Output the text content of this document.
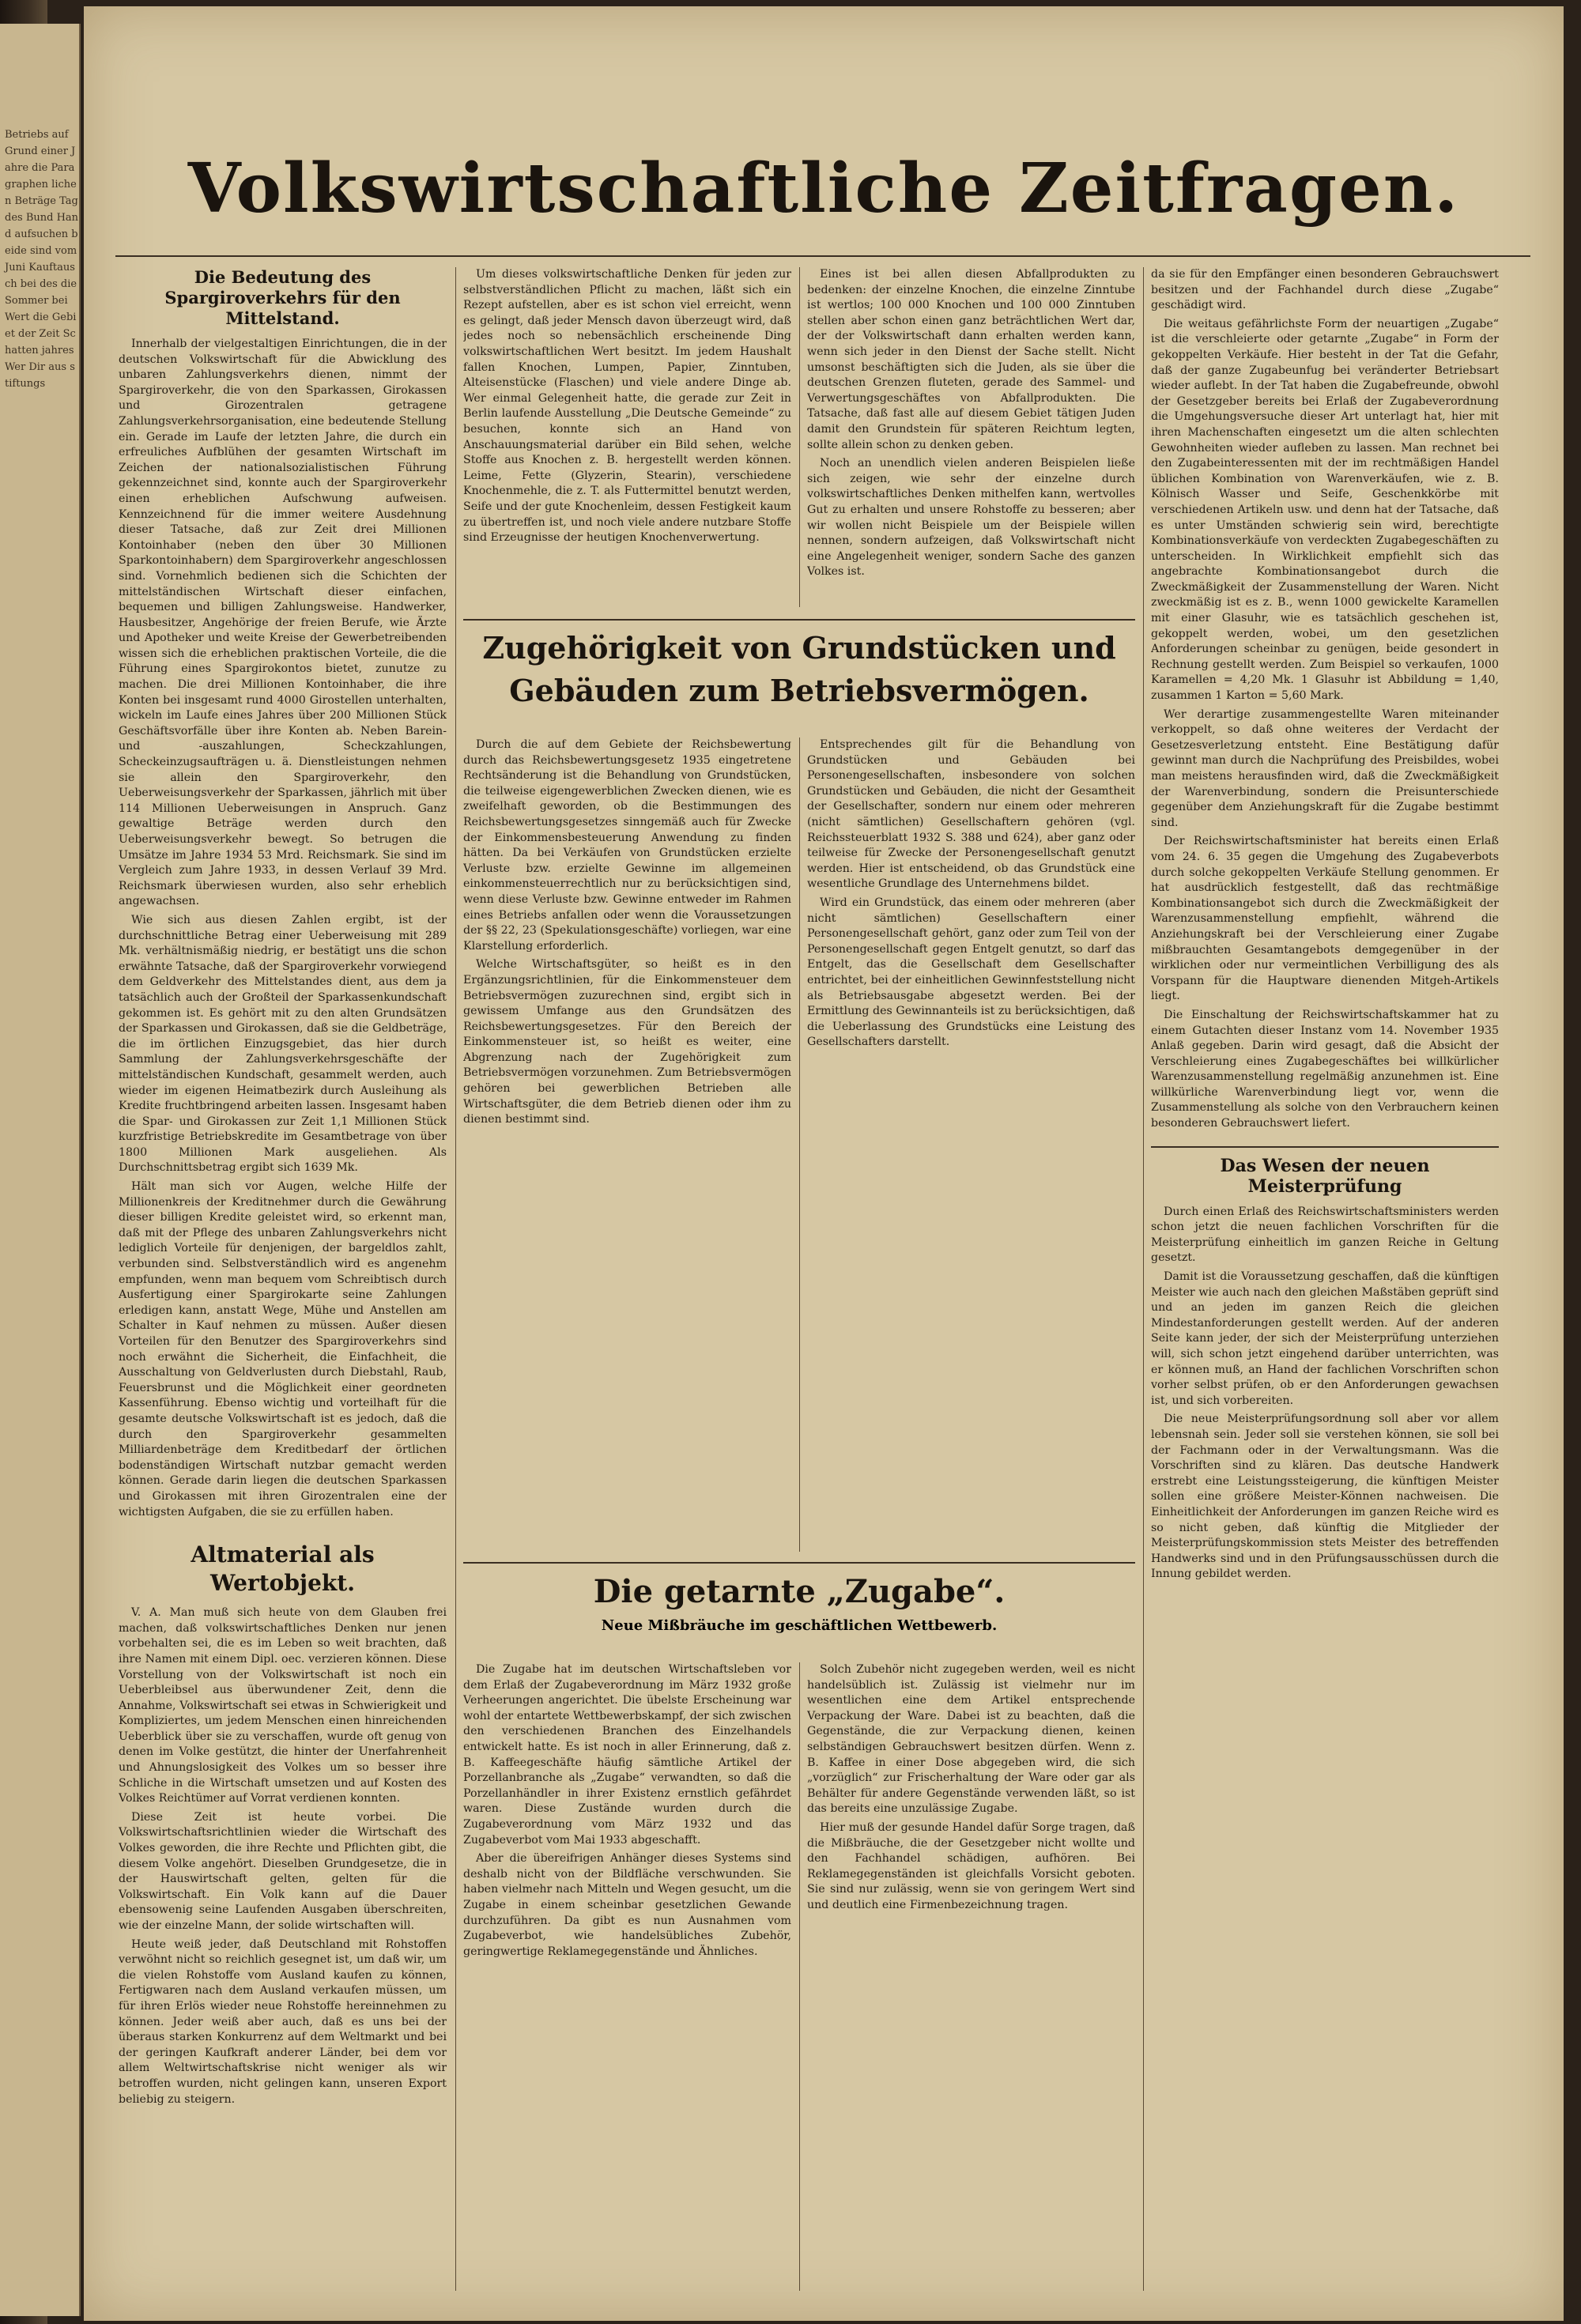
Betriebs auf Grund einer Jahre die Paragraphen lichen Beträge Tag des Bund Hand aufsuchen beide sind vom Juni Kauftausch bei des die Sommer bei Wert die Gebiet der Zeit Schatten jahres Wer Dir aus stiftungs
Volkswirtschaftliche Zeitfragen.
Die Bedeutung des Spargiroverkehrs für den Mittelstand.

Innerhalb der vielgestaltigen Einrichtungen, die in der deutschen Volkswirtschaft für die Abwicklung des unbaren Zahlungsverkehrs dienen, nimmt der Spargiroverkehr, die von den Sparkassen, Girokassen und Girozentralen getragene Zahlungsverkehrsorganisation, eine bedeutende Stellung ein. Gerade im Laufe der letzten Jahre, die durch ein erfreuliches Aufblühen der gesamten Wirtschaft im Zeichen der nationalsozialistischen Führung gekennzeichnet sind, konnte auch der Spargiroverkehr einen erheblichen Aufschwung aufweisen. Kennzeichnend für die immer weitere Ausdehnung dieser Tatsache, daß zur Zeit drei Millionen Kontoinhaber (neben den über 30 Millionen Sparkontoinhabern) dem Spargiroverkehr angeschlossen sind. Vornehmlich bedienen sich die Schichten der mittelständischen Wirtschaft dieser einfachen, bequemen und billigen Zahlungsweise. Handwerker, Hausbesitzer, Angehörige der freien Berufe, wie Ärzte und Apotheker und weite Kreise der Gewerbetreibenden wissen sich die erheblichen praktischen Vorteile, die die Führung eines Spargirokontos bietet, zunutze zu machen. Die drei Millionen Kontoinhaber, die ihre Konten bei insgesamt rund 4000 Girostellen unterhalten, wickeln im Laufe eines Jahres über 200 Millionen Stück Geschäftsvorfälle über ihre Konten ab. Neben Barein- und -auszahlungen, Scheckzahlungen, Scheckeinzugsaufträgen u. ä. Dienstleistungen nehmen sie allein den Spargiroverkehr, den Ueberweisungsverkehr der Sparkassen, jährlich mit über 114 Millionen Ueberweisungen in Anspruch. Ganz gewaltige Beträge werden durch den Ueberweisungsverkehr bewegt. So betrugen die Umsätze im Jahre 1934 53 Mrd. Reichsmark. Sie sind im Vergleich zum Jahre 1933, in dessen Verlauf 39 Mrd. Reichsmark überwiesen wurden, also sehr erheblich angewachsen.

Wie sich aus diesen Zahlen ergibt, ist der durchschnittliche Betrag einer Ueberweisung mit 289 Mk. verhältnismäßig niedrig, er bestätigt uns die schon erwähnte Tatsache, daß der Spargiroverkehr vorwiegend dem Geldverkehr des Mittelstandes dient, aus dem ja tatsächlich auch der Großteil der Sparkassenkundschaft gekommen ist. Es gehört mit zu den alten Grundsätzen der Sparkassen und Girokassen, daß sie die Geldbeträge, die im örtlichen Einzugsgebiet, das hier durch Sammlung der Zahlungsverkehrsgeschäfte der mittelständischen Kundschaft, gesammelt werden, auch wieder im eigenen Heimatbezirk durch Ausleihung als Kredite fruchtbringend arbeiten lassen. Insgesamt haben die Spar- und Girokassen zur Zeit 1,1 Millionen Stück kurzfristige Betriebskredite im Gesamtbetrage von über 1800 Millionen Mark ausgeliehen. Als Durchschnittsbetrag ergibt sich 1639 Mk.

Hält man sich vor Augen, welche Hilfe der Millionenkreis der Kreditnehmer durch die Gewährung dieser billigen Kredite geleistet wird, so erkennt man, daß mit der Pflege des unbaren Zahlungsverkehrs nicht lediglich Vorteile für denjenigen, der bargeldlos zahlt, verbunden sind. Selbstverständlich wird es angenehm empfunden, wenn man bequem vom Schreibtisch durch Ausfertigung einer Spargirokarte seine Zahlungen erledigen kann, anstatt Wege, Mühe und Anstellen am Schalter in Kauf nehmen zu müssen. Außer diesen Vorteilen für den Benutzer des Spargiroverkehrs sind noch erwähnt die Sicherheit, die Einfachheit, die Ausschaltung von Geldverlusten durch Diebstahl, Raub, Feuersbrunst und die Möglichkeit einer geordneten Kassenführung. Ebenso wichtig und vorteilhaft für die gesamte deutsche Volkswirtschaft ist es jedoch, daß die durch den Spargiroverkehr gesammelten Milliardenbeträge dem Kreditbedarf der örtlichen bodenständigen Wirtschaft nutzbar gemacht werden können. Gerade darin liegen die deutschen Sparkassen und Girokassen mit ihren Girozentralen eine der wichtigsten Aufgaben, die sie zu erfüllen haben.

Altmaterial als Wertobjekt.

V. A. Man muß sich heute von dem Glauben frei machen, daß volkswirtschaftliches Denken nur jenen vorbehalten sei, die es im Leben so weit brachten, daß ihre Namen mit einem Dipl. oec. verzieren können. Diese Vorstellung von der Volkswirtschaft ist noch ein Ueberbleibsel aus überwundener Zeit, denn die Annahme, Volkswirtschaft sei etwas in Schwierigkeit und Kompliziertes, um jedem Menschen einen hinreichenden Ueberblick über sie zu verschaffen, wurde oft genug von denen im Volke gestützt, die hinter der Unerfahrenheit und Ahnungslosigkeit des Volkes um so besser ihre Schliche in die Wirtschaft umsetzen und auf Kosten des Volkes Reichtümer auf Vorrat verdienen konnten.

Diese Zeit ist heute vorbei. Die Volkswirtschaftsrichtlinien wieder die Wirtschaft des Volkes geworden, die ihre Rechte und Pflichten gibt, die diesem Volke angehört. Dieselben Grundgesetze, die in der Hauswirtschaft gelten, gelten für die Volkswirtschaft. Ein Volk kann auf die Dauer ebensowenig seine Laufenden Ausgaben überschreiten, wie der einzelne Mann, der solide wirtschaften will.

Heute weiß jeder, daß Deutschland mit Rohstoffen verwöhnt nicht so reichlich gesegnet ist, um daß wir, um die vielen Rohstoffe vom Ausland kaufen zu können, Fertigwaren nach dem Ausland verkaufen müssen, um für ihren Erlös wieder neue Rohstoffe hereinnehmen zu können. Jeder weiß aber auch, daß es uns bei der überaus starken Konkurrenz auf dem Weltmarkt und bei der geringen Kaufkraft anderer Länder, bei dem vor allem Weltwirtschaftskrise nicht weniger als wir betroffen wurden, nicht gelingen kann, unseren Export beliebig zu steigern.

Um dieses volkswirtschaftliche Denken für jeden zur selbstverständlichen Pflicht zu machen, läßt sich ein Rezept aufstellen, aber es ist schon viel erreicht, wenn es gelingt, daß jeder Mensch davon überzeugt wird, daß jedes noch so nebensächlich erscheinende Ding volkswirtschaftlichen Wert besitzt. Im jedem Haushalt fallen Knochen, Lumpen, Papier, Zinntuben, Alteisenstücke (Flaschen) und viele andere Dinge ab. Wer einmal Gelegenheit hatte, die gerade zur Zeit in Berlin laufende Ausstellung „Die Deutsche Gemeinde“ zu besuchen, konnte sich an Hand von Anschauungsmaterial darüber ein Bild sehen, welche Stoffe aus Knochen z. B. hergestellt werden können. Leime, Fette (Glyzerin, Stearin), verschiedene Knochenmehle, die z. T. als Futtermittel benutzt werden, Seife und der gute Knochenleim, dessen Festigkeit kaum zu übertreffen ist, und noch viele andere nutzbare Stoffe sind Erzeugnisse der heutigen Knochenverwertung.

Eines ist bei allen diesen Abfallprodukten zu bedenken: der einzelne Knochen, die einzelne Zinntube ist wertlos; 100 000 Knochen und 100 000 Zinntuben stellen aber schon einen ganz beträchtlichen Wert dar, der der Volkswirtschaft dann erhalten werden kann, wenn sich jeder in den Dienst der Sache stellt. Nicht umsonst beschäftigten sich die Juden, als sie über die deutschen Grenzen fluteten, gerade des Sammel- und Verwertungsgeschäftes von Abfallprodukten. Die Tatsache, daß fast alle auf diesem Gebiet tätigen Juden damit den Grundstein für späteren Reichtum legten, sollte allein schon zu denken geben.

Noch an unendlich vielen anderen Beispielen ließe sich zeigen, wie sehr der einzelne durch volkswirtschaftliches Denken mithelfen kann, wertvolles Gut zu erhalten und unsere Rohstoffe zu besseren; aber wir wollen nicht Beispiele um der Beispiele willen nennen, sondern aufzeigen, daß Volkswirtschaft nicht eine Angelegenheit weniger, sondern Sache des ganzen Volkes ist.

Zugehörigkeit von Grundstücken und Gebäuden zum Betriebsvermögen.

Durch die auf dem Gebiete der Reichsbewertung durch das Reichsbewertungsgesetz 1935 eingetretene Rechtsänderung ist die Behandlung von Grundstücken, die teilweise eigengewerblichen Zwecken dienen, wie es zweifelhaft geworden, ob die Bestimmungen des Reichsbewertungsgesetzes sinngemäß auch für Zwecke der Einkommensbesteuerung Anwendung zu finden hätten. Da bei Verkäufen von Grundstücken erzielte Verluste bzw. erzielte Gewinne im allgemeinen einkommensteuerrechtlich nur zu berücksichtigen sind, wenn diese Verluste bzw. Gewinne entweder im Rahmen eines Betriebs anfallen oder wenn die Voraussetzungen der §§ 22, 23 (Spekulationsgeschäfte) vorliegen, war eine Klarstellung erforderlich.

Welche Wirtschaftsgüter, so heißt es in den Ergänzungsrichtlinien, für die Einkommensteuer dem Betriebsvermögen zuzurechnen sind, ergibt sich in gewissem Umfange aus den Grundsätzen des Reichsbewertungsgesetzes. Für den Bereich der Einkommensteuer ist, so heißt es weiter, eine Abgrenzung nach der Zugehörigkeit zum Betriebsvermögen vorzunehmen. Zum Betriebsvermögen gehören bei gewerblichen Betrieben alle Wirtschaftsgüter, die dem Betrieb dienen oder ihm zu dienen bestimmt sind.

Entsprechendes gilt für die Behandlung von Grundstücken und Gebäuden bei Personengesellschaften, insbesondere von solchen Grundstücken und Gebäuden, die nicht der Gesamtheit der Gesellschafter, sondern nur einem oder mehreren (nicht sämtlichen) Gesellschaftern gehören (vgl. Reichssteuerblatt 1932 S. 388 und 624), aber ganz oder teilweise für Zwecke der Personengesellschaft genutzt werden. Hier ist entscheidend, ob das Grundstück eine wesentliche Grundlage des Unternehmens bildet.

Wird ein Grundstück, das einem oder mehreren (aber nicht sämtlichen) Gesellschaftern einer Personengesellschaft gehört, ganz oder zum Teil von der Personengesellschaft gegen Entgelt genutzt, so darf das Entgelt, das die Gesellschaft dem Gesellschafter entrichtet, bei der einheitlichen Gewinnfeststellung nicht als Betriebsausgabe abgesetzt werden. Bei der Ermittlung des Gewinnanteils ist zu berücksichtigen, daß die Ueberlassung des Grundstücks eine Leistung des Gesellschafters darstellt.

Die getarnte „Zugabe“.
Neue Mißbräuche im geschäftlichen Wettbewerb.

Die Zugabe hat im deutschen Wirtschaftsleben vor dem Erlaß der Zugabeverordnung im März 1932 große Verheerungen angerichtet. Die übelste Erscheinung war wohl der entartete Wettbewerbskampf, der sich zwischen den verschiedenen Branchen des Einzelhandels entwickelt hatte. Es ist noch in aller Erinnerung, daß z. B. Kaffeegeschäfte häufig sämtliche Artikel der Porzellanbranche als „Zugabe“ verwandten, so daß die Porzellanhändler in ihrer Existenz ernstlich gefährdet waren. Diese Zustände wurden durch die Zugabeverordnung vom März 1932 und das Zugabeverbot vom Mai 1933 abgeschafft.

Aber die übereifrigen Anhänger dieses Systems sind deshalb nicht von der Bildfläche verschwunden. Sie haben vielmehr nach Mitteln und Wegen gesucht, um die Zugabe in einem scheinbar gesetzlichen Gewande durchzuführen. Da gibt es nun Ausnahmen vom Zugabeverbot, wie handelsübliches Zubehör, geringwertige Reklamegegenstände und Ähnliches.

Solch Zubehör nicht zugegeben werden, weil es nicht handelsüblich ist. Zulässig ist vielmehr nur im wesentlichen eine dem Artikel entsprechende Verpackung der Ware. Dabei ist zu beachten, daß die Gegenstände, die zur Verpackung dienen, keinen selbständigen Gebrauchswert besitzen dürfen. Wenn z. B. Kaffee in einer Dose abgegeben wird, die sich „vorzüglich“ zur Frischerhaltung der Ware oder gar als Behälter für andere Gegenstände verwenden läßt, so ist das bereits eine unzulässige Zugabe.

Hier muß der gesunde Handel dafür Sorge tragen, daß die Mißbräuche, die der Gesetzgeber nicht wollte und den Fachhandel schädigen, aufhören. Bei Reklamegegenständen ist gleichfalls Vorsicht geboten. Sie sind nur zulässig, wenn sie von geringem Wert sind und deutlich eine Firmenbezeichnung tragen.

da sie für den Empfänger einen besonderen Gebrauchswert besitzen und der Fachhandel durch diese „Zugabe“ geschädigt wird.

Die weitaus gefährlichste Form der neuartigen „Zugabe“ ist die verschleierte oder getarnte „Zugabe“ in Form der gekoppelten Verkäufe. Hier besteht in der Tat die Gefahr, daß der ganze Zugabeunfug bei veränderter Betriebsart wieder auflebt. In der Tat haben die Zugabefreunde, obwohl der Gesetzgeber bereits bei Erlaß der Zugabeverordnung die Umgehungsversuche dieser Art unterlagt hat, hier mit ihren Machenschaften eingesetzt um die alten schlechten Gewohnheiten wieder aufleben zu lassen. Man rechnet bei den Zugabeinteressenten mit der im rechtmäßigen Handel üblichen Kombination von Warenverkäufen, wie z. B. Kölnisch Wasser und Seife, Geschenkkörbe mit verschiedenen Artikeln usw. und denn hat der Tatsache, daß es unter Umständen schwierig sein wird, berechtigte Kombinationsverkäufe von verdeckten Zugabegeschäften zu unterscheiden. In Wirklichkeit empfiehlt sich das angebrachte Kombinationsangebot durch die Zweckmäßigkeit der Zusammenstellung der Waren. Nicht zweckmäßig ist es z. B., wenn 1000 gewickelte Karamellen mit einer Glasuhr, wie es tatsächlich geschehen ist, gekoppelt werden, wobei, um den gesetzlichen Anforderungen scheinbar zu genügen, beide gesondert in Rechnung gestellt werden. Zum Beispiel so verkaufen, 1000 Karamellen = 4,20 Mk. 1 Glasuhr ist Abbildung = 1,40, zusammen 1 Karton = 5,60 Mark.

Wer derartige zusammengestellte Waren miteinander verkoppelt, so daß ohne weiteres der Verdacht der Gesetzesverletzung entsteht. Eine Bestätigung dafür gewinnt man durch die Nachprüfung des Preisbildes, wobei man meistens herausfinden wird, daß die Zweckmäßigkeit der Warenverbindung, sondern die Preisunterschiede gegenüber dem Anziehungskraft für die Zugabe bestimmt sind.

Der Reichswirtschaftsminister hat bereits einen Erlaß vom 24. 6. 35 gegen die Umgehung des Zugabeverbots durch solche gekoppelten Verkäufe Stellung genommen. Er hat ausdrücklich festgestellt, daß das rechtmäßige Kombinationsangebot sich durch die Zweckmäßigkeit der Warenzusammenstellung empfiehlt, während die Anziehungskraft bei der Verschleierung einer Zugabe mißbrauchten Gesamtangebots demgegenüber in der wirklichen oder nur vermeintlichen Verbilligung des als Vorspann für die Hauptware dienenden Mitgeh-Artikels liegt.

Die Einschaltung der Reichswirtschaftskammer hat zu einem Gutachten dieser Instanz vom 14. November 1935 Anlaß gegeben. Darin wird gesagt, daß die Absicht der Verschleierung eines Zugabegeschäftes bei willkürlicher Warenzusammenstellung regelmäßig anzunehmen ist. Eine willkürliche Warenverbindung liegt vor, wenn die Zusammenstellung als solche von den Verbrauchern keinen besonderen Gebrauchswert liefert.

Das Wesen der neuen Meisterprüfung

Durch einen Erlaß des Reichswirtschaftsministers werden schon jetzt die neuen fachlichen Vorschriften für die Meisterprüfung einheitlich im ganzen Reiche in Geltung gesetzt.

Damit ist die Voraussetzung geschaffen, daß die künftigen Meister wie auch nach den gleichen Maßstäben geprüft sind und an jeden im ganzen Reich die gleichen Mindestanforderungen gestellt werden. Auf der anderen Seite kann jeder, der sich der Meisterprüfung unterziehen will, sich schon jetzt eingehend darüber unterrichten, was er können muß, an Hand der fachlichen Vorschriften schon vorher selbst prüfen, ob er den Anforderungen gewachsen ist, und sich vorbereiten.

Die neue Meisterprüfungsordnung soll aber vor allem lebensnah sein. Jeder soll sie verstehen können, sie soll bei der Fachmann oder in der Verwaltungsmann. Was die Vorschriften sind zu klären. Das deutsche Handwerk erstrebt eine Leistungssteigerung, die künftigen Meister sollen eine größere Meister-Können nachweisen. Die Einheitlichkeit der Anforderungen im ganzen Reiche wird es so nicht geben, daß künftig die Mitglieder der Meisterprüfungskommission stets Meister des betreffenden Handwerks sind und in den Prüfungsausschüssen durch die Innung gebildet werden.
